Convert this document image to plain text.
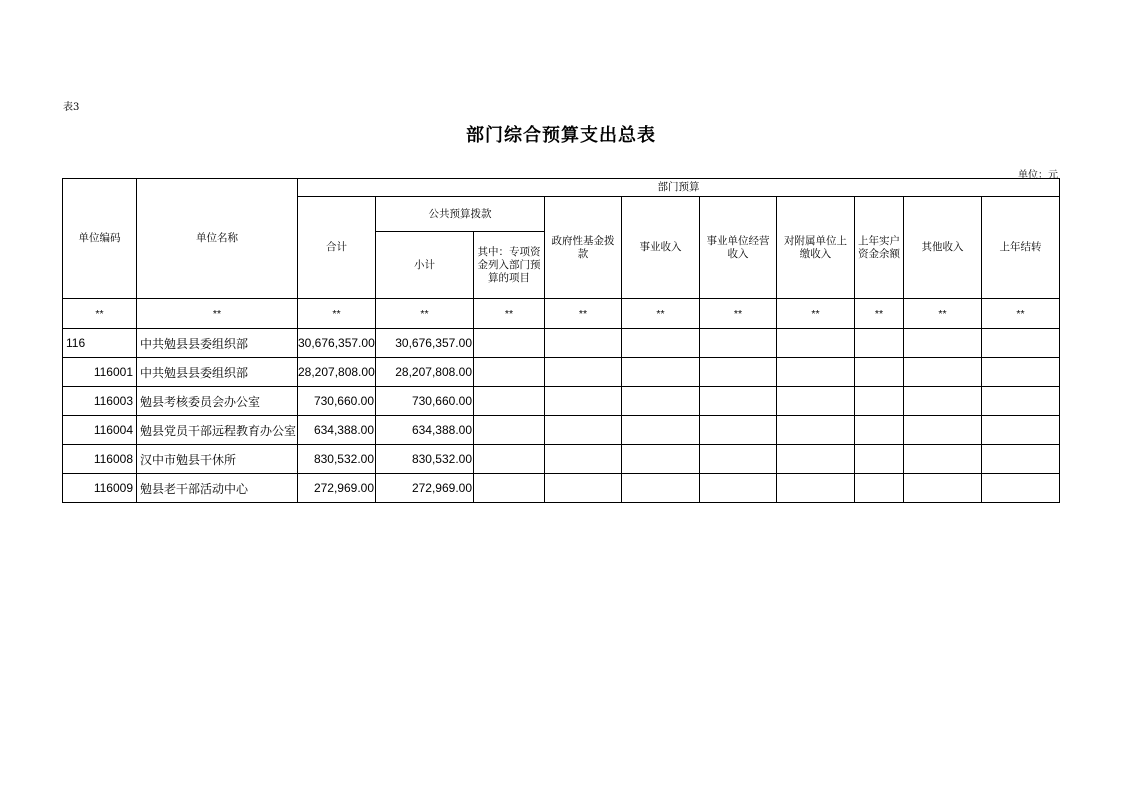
表3
部门综合预算支出总表
单位：元
单位编码	单位名称	部门预算									
		合计	公共预算拨款		政府性基金拨款	事业收入	事业单位经营收入	对附属单位上缴收入	上年实户资金余额	其他收入	上年结转
			小计	其中：专项资金列入部门预算的项目							
**	**	**	**	**	**	**	**	**	**	**	**
116	中共勉县县委组织部	30,676,357.00	30,676,357.00								
116001	中共勉县县委组织部	28,207,808.00	28,207,808.00								
116003	勉县考核委员会办公室	730,660.00	730,660.00								
116004	勉县党员干部远程教育办公室	634,388.00	634,388.00								
116008	汉中市勉县干休所	830,532.00	830,532.00								
116009	勉县老干部活动中心	272,969.00	272,969.00								
